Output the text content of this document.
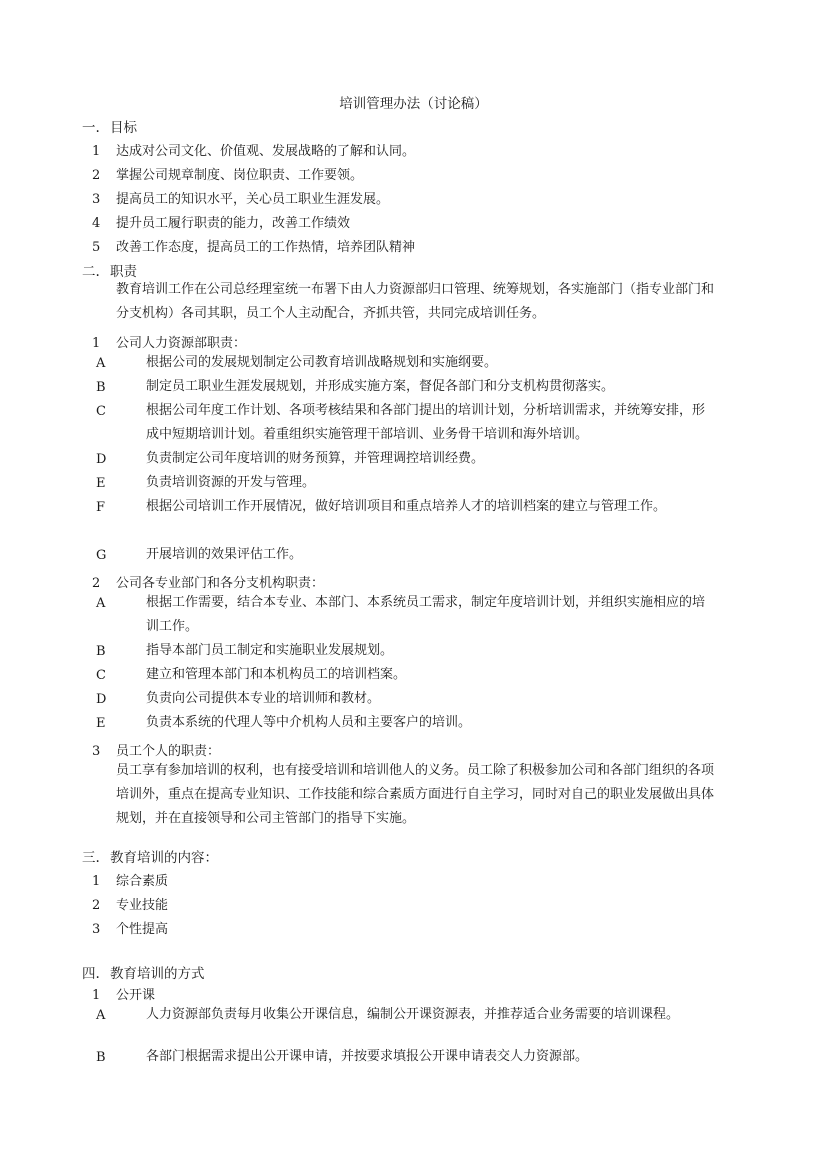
培训管理办法（讨论稿）
一. 目标
1 达成对公司文化、价值观、发展战略的了解和认同。
2 掌握公司规章制度、岗位职责、工作要领。
3 提高员工的知识水平，关心员工职业生涯发展。
4 提升员工履行职责的能力，改善工作绩效
5 改善工作态度，提高员工的工作热情，培养团队精神
二. 职责
教育培训工作在公司总经理室统一布署下由人力资源部归口管理、统筹规划，各实施部门（指专业部门和分支机构）各司其职，员工个人主动配合，齐抓共管，共同完成培训任务。
1 公司人力资源部职责：
A	根据公司的发展规划制定公司教育培训战略规划和实施纲要。
B	制定员工职业生涯发展规划，并形成实施方案，督促各部门和分支机构贯彻落实。
C	根据公司年度工作计划、各项考核结果和各部门提出的培训计划，分析培训需求，并统筹安排，形成中短期培训计划。着重组织实施管理干部培训、业务骨干培训和海外培训。
D	负责制定公司年度培训的财务预算，并管理调控培训经费。
E	负责培训资源的开发与管理。
F	根据公司培训工作开展情况，做好培训项目和重点培养人才的培训档案的建立与管理工作。
G	开展培训的效果评估工作。
2 公司各专业部门和各分支机构职责：
A	根据工作需要，结合本专业、本部门、本系统员工需求，制定年度培训计划，并组织实施相应的培训工作。
B	指导本部门员工制定和实施职业发展规划。
C	建立和管理本部门和本机构员工的培训档案。
D	负责向公司提供本专业的培训师和教材。
E	负责本系统的代理人等中介机构人员和主要客户的培训。
3 员工个人的职责：
员工享有参加培训的权利，也有接受培训和培训他人的义务。员工除了积极参加公司和各部门组织的各项培训外，重点在提高专业知识、工作技能和综合素质方面进行自主学习，同时对自己的职业发展做出具体规划，并在直接领导和公司主管部门的指导下实施。
三. 教育培训的内容：
1 综合素质
2 专业技能
3 个性提高
四. 教育培训的方式
1 公开课
A	人力资源部负责每月收集公开课信息，编制公开课资源表，并推荐适合业务需要的培训课程。
B	各部门根据需求提出公开课申请，并按要求填报公开课申请表交人力资源部。
